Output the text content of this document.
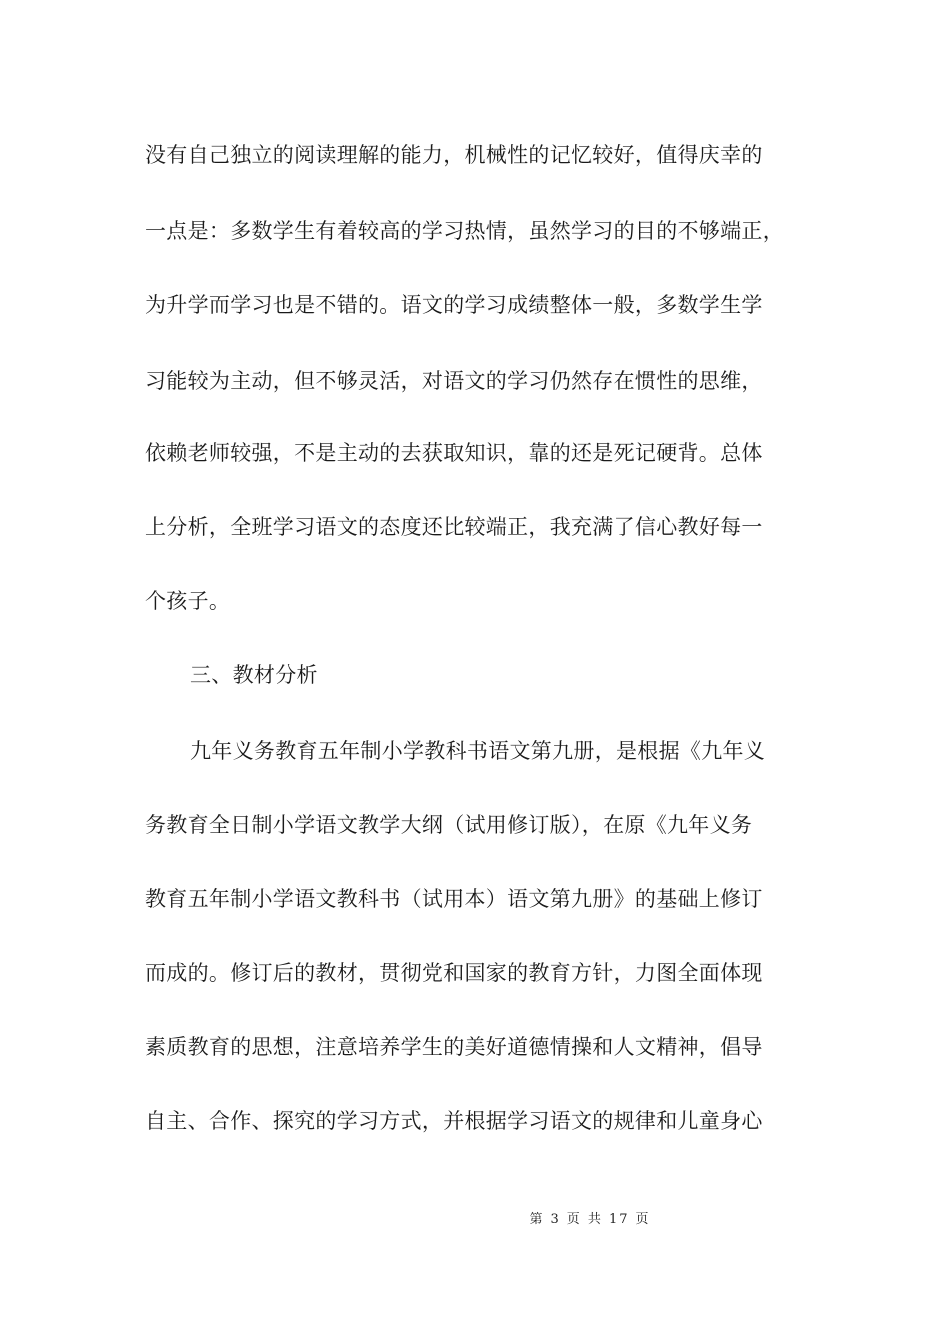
没有自己独立的阅读理解的能力，机械性的记忆较好，值得庆幸的
一点是：多数学生有着较高的学习热情，虽然学习的目的不够端正，
为升学而学习也是不错的。语文的学习成绩整体一般，多数学生学
习能较为主动，但不够灵活，对语文的学习仍然存在惯性的思维，
依赖老师较强，不是主动的去获取知识，靠的还是死记硬背。总体
上分析，全班学习语文的态度还比较端正，我充满了信心教好每一
个孩子。
三、教材分析
九年义务教育五年制小学教科书语文第九册，是根据《九年义
务教育全日制小学语文教学大纲（试用修订版），在原《九年义务
教育五年制小学语文教科书（试用本）语文第九册》的基础上修订
而成的。修订后的教材，贯彻党和国家的教育方针，力图全面体现
素质教育的思想，注意培养学生的美好道德情操和人文精神，倡导
自主、合作、探究的学习方式，并根据学习语文的规律和儿童身心
第 3 页 共 17 页
